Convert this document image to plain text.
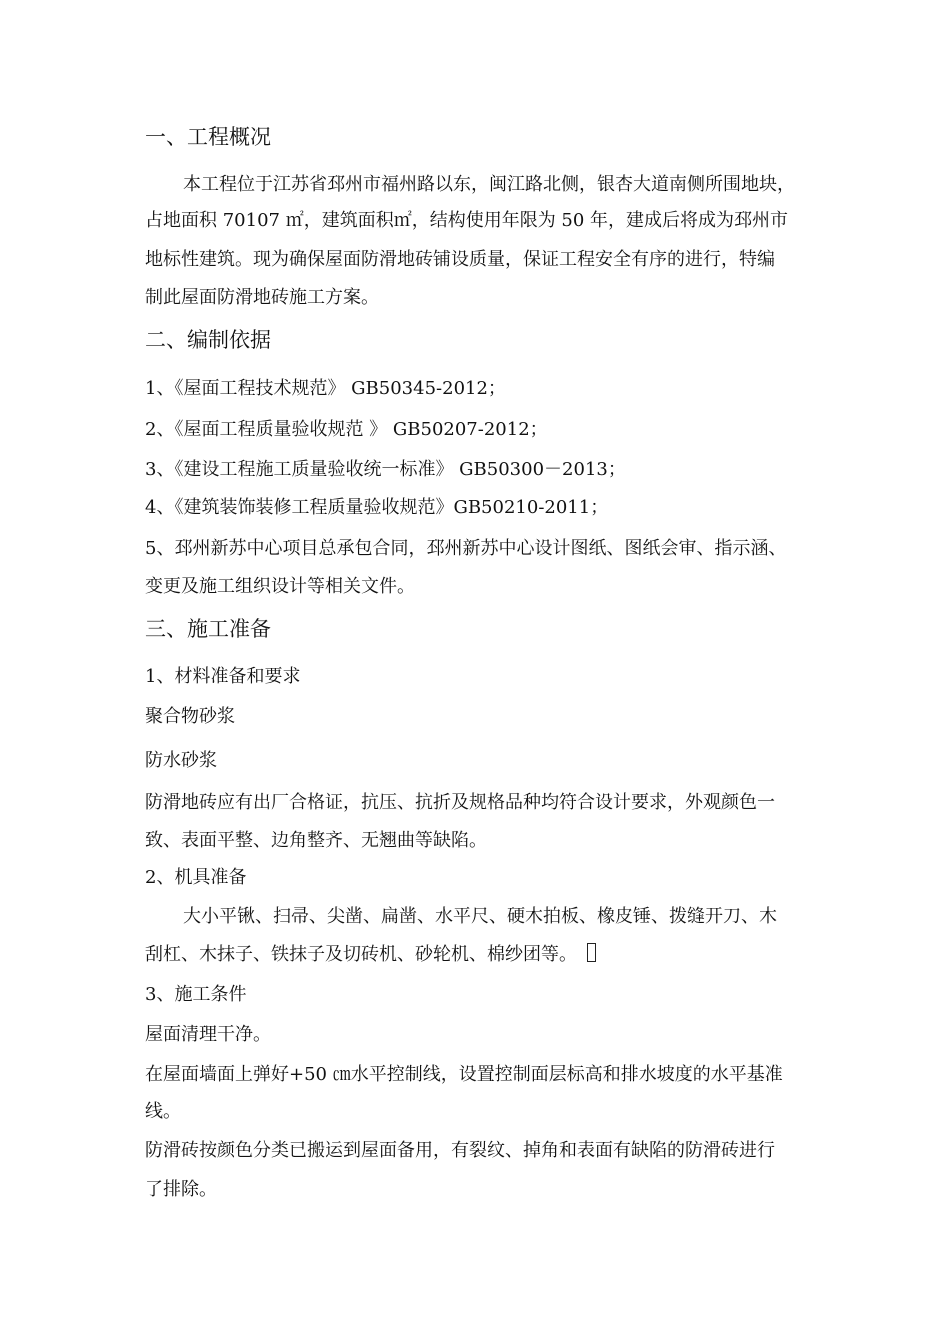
一、工程概况
本工程位于江苏省邳州市福州路以东，闽江路北侧，银杏大道南侧所围地块，
占地面积 70107 ㎡，建筑面积㎡，结构使用年限为 50 年，建成后将成为邳州市
地标性建筑。现为确保屋面防滑地砖铺设质量，保证工程安全有序的进行，特编
制此屋面防滑地砖施工方案。
二、编制依据
1、《屋面工程技术规范》 GB50345-2012；
2、《屋面工程质量验收规范 》 GB50207-2012；
3、《建设工程施工质量验收统一标准》 GB50300－2013；
4、《建筑装饰装修工程质量验收规范》GB50210-2011；
5、邳州新苏中心项目总承包合同，邳州新苏中心设计图纸、图纸会审、指示涵、
变更及施工组织设计等相关文件。
三、施工准备
1、材料准备和要求
聚合物砂浆
防水砂浆
防滑地砖应有出厂合格证，抗压、抗折及规格品种均符合设计要求，外观颜色一
致、表面平整、边角整齐、无翘曲等缺陷。
2、机具准备
大小平锹、扫帚、尖凿、扁凿、水平尺、硬木拍板、橡皮锤、拨缝开刀、木
刮杠、木抹子、铁抹子及切砖机、砂轮机、棉纱团等。
3、施工条件
屋面清理干净。
在屋面墙面上弹好+50 ㎝水平控制线，设置控制面层标高和排水坡度的水平基准
线。
防滑砖按颜色分类已搬运到屋面备用，有裂纹、掉角和表面有缺陷的防滑砖进行
了排除。
